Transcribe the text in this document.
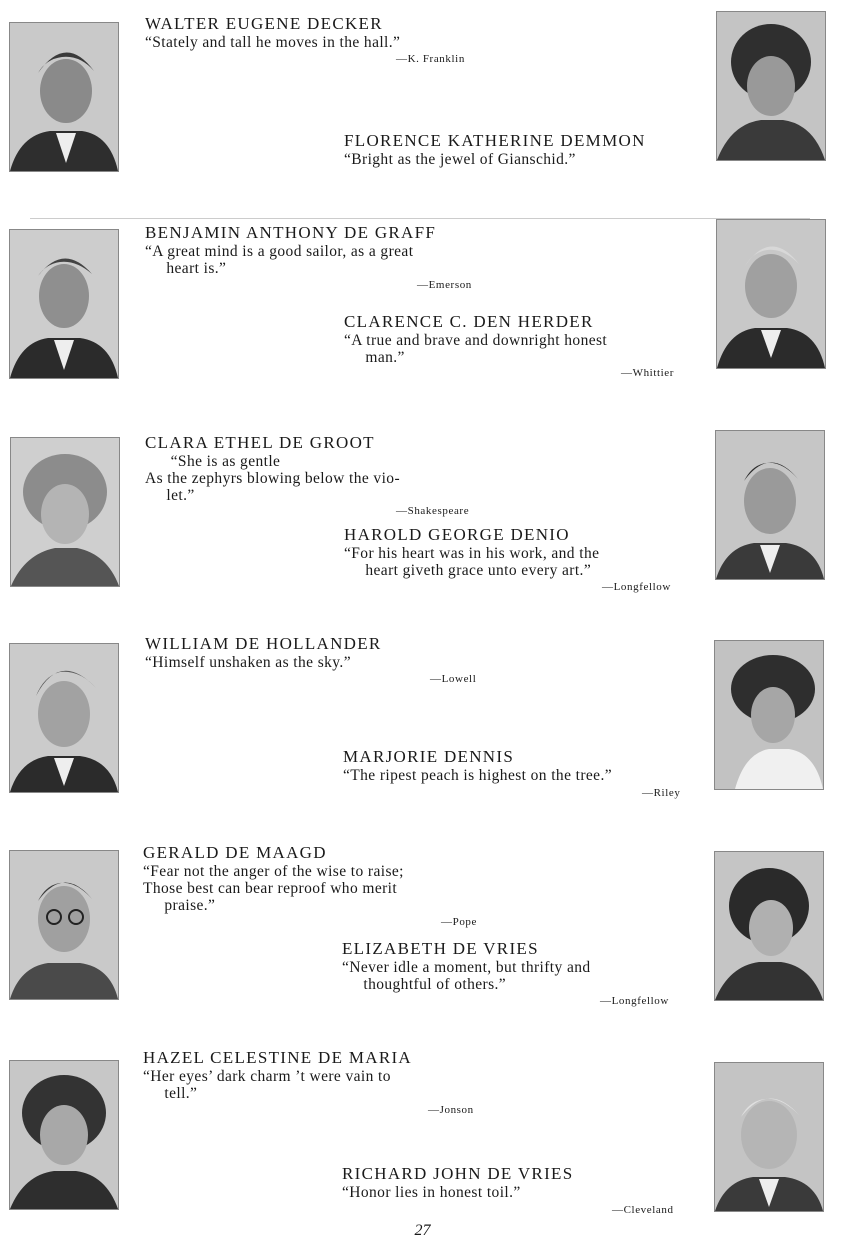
WALTER EUGENE DECKER
“Stately and tall he moves in the hall.”
—K. Franklin
FLORENCE KATHERINE DEMMON
“Bright as the jewel of Gianschid.”
BENJAMIN ANTHONY DE GRAFF
“A great mind is a good sailor, as a great
heart is.”
—Emerson
CLARENCE C. DEN HERDER
“A true and brave and downright honest
man.”
—Whittier
CLARA ETHEL DE GROOT
“She is as gentle
As the zephyrs blowing below the vio-
let.”
—Shakespeare
HAROLD GEORGE DENIO
“For his heart was in his work, and the
heart giveth grace unto every art.”
—Longfellow
WILLIAM DE HOLLANDER
“Himself unshaken as the sky.”
—Lowell
MARJORIE DENNIS
“The ripest peach is highest on the tree.”
—Riley
GERALD DE MAAGD
“Fear not the anger of the wise to raise;
Those best can bear reproof who merit
praise.”
—Pope
ELIZABETH DE VRIES
“Never idle a moment, but thrifty and
thoughtful of others.”
—Longfellow
HAZEL CELESTINE DE MARIA
“Her eyes’ dark charm ’t were vain to
tell.”
—Jonson
RICHARD JOHN DE VRIES
“Honor lies in honest toil.”
—Cleveland
27
